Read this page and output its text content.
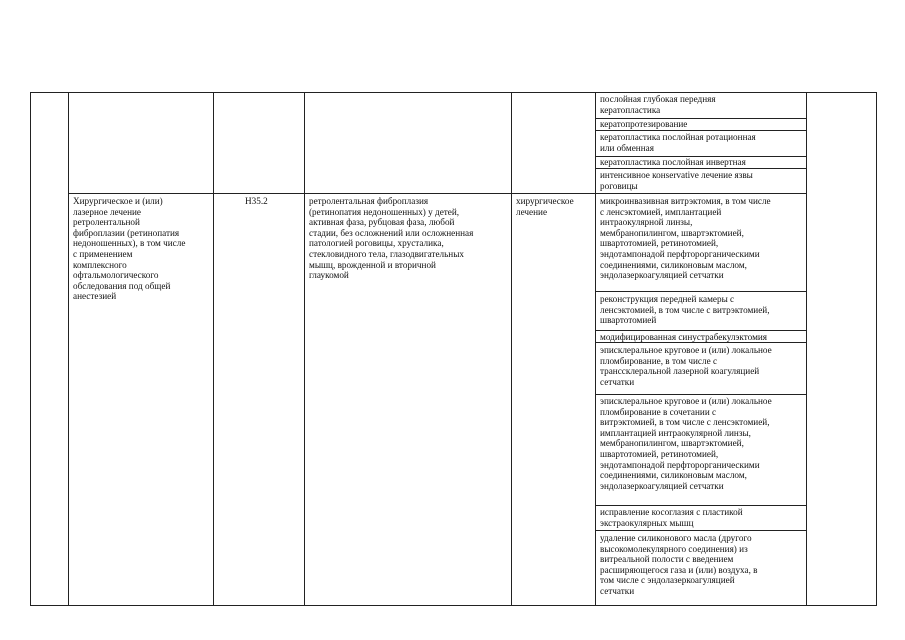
послойная глубокая передняя
кератопластика

кератопротезирование

кератопластика послойная ротационная
или обменная

кератопластика послойная инвертная

интенсивное конservative лечение язвы
роговицы

Хирургическое и (или)
лазерное лечение
ретролентальной
фиброплазии (ретинопатия
недоношенных), в том числе
с применением
комплексного
офтальмологического
обследования под общей
анестезией

H35.2	ретролентальная фиброплазия
(ретинопатия недоношенных) у детей,
активная фаза, рубцовая фаза, любой
стадии, без осложнений или осложненная
патологией роговицы, хрусталика,
стекловидного тела, глазодвигательных
мышц, врожденной и вторичной
глаукомой

хирургическое
лечение

микроинвазивная витрэктомия, в том числе
с ленсэктомией, имплантацией
интраокулярной линзы,
мембранопилингом, швартэктомией,
швартотомией, ретинотомией,
эндотампонадой перфторорганическими
соединениями, силиконовым маслом,
эндолазеркоагуляцией сетчатки

реконструкция передней камеры с
ленсэктомией, в том числе с витрэктомией,
швартотомией

модифицированная синустрабекулэктомия

эписклеральное круговое и (или) локальное
пломбирование, в том числе с
транссклеральной лазерной коагуляцией
сетчатки

эписклеральное круговое и (или) локальное
пломбирование в сочетании с
витрэктомией, в том числе с ленсэктомией,
имплантацией интраокулярной линзы,
мембранопилингом, швартэктомией,
швартотомией, ретинотомией,
эндотампонадой перфторорганическими
соединениями, силиконовым маслом,
эндолазеркоагуляцией сетчатки

исправление косоглазия с пластикой
экстраокулярных мышц

удаление силиконового масла (другого
высокомолекулярного соединения) из
витреальной полости с введением
расширяющегося газа и (или) воздуха, в
том числе с эндолазеркоагуляцией
сетчатки
